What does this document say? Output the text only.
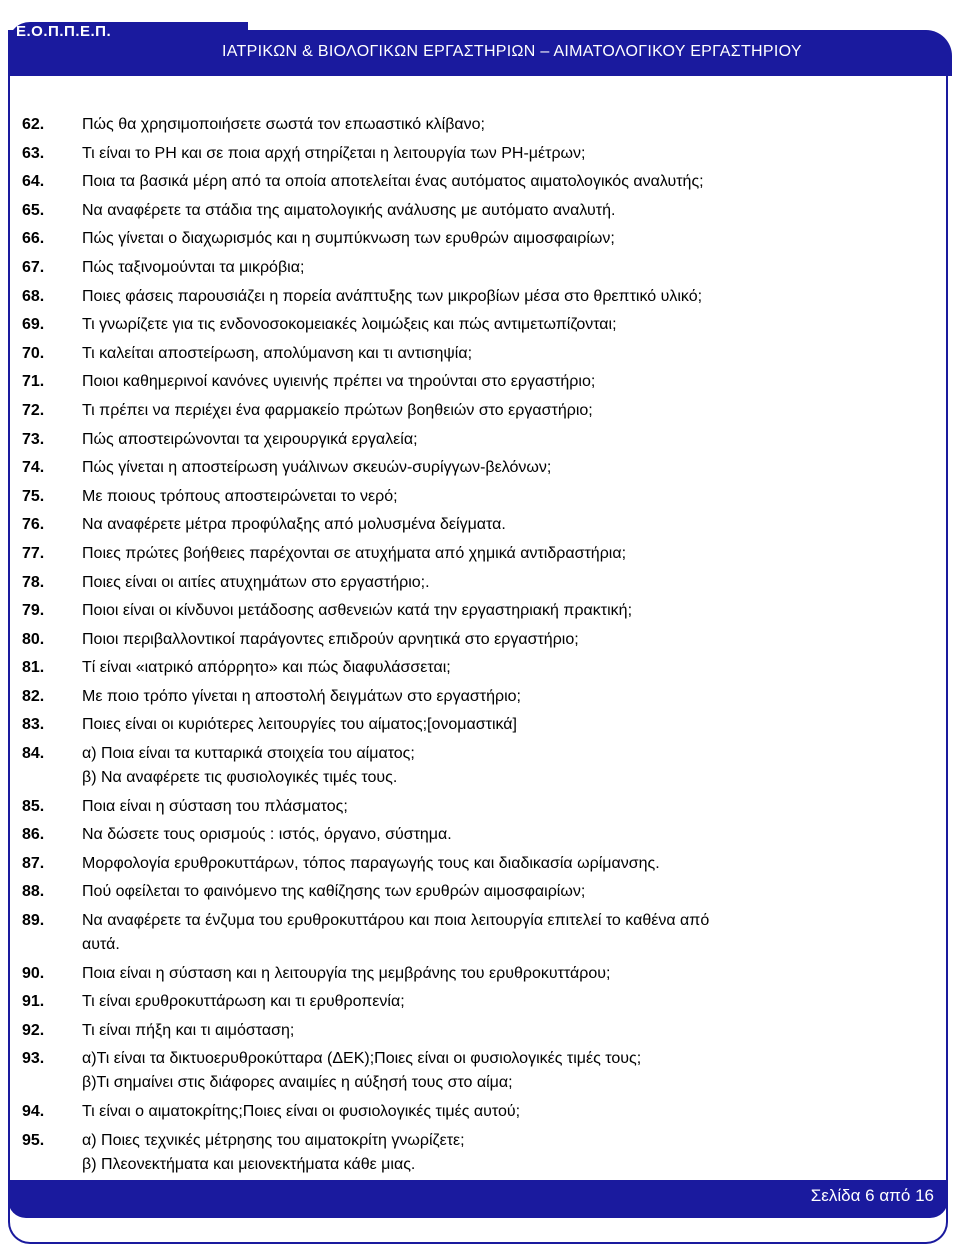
Ε.Ο.Π.Π.Ε.Π.
ΙΑΤΡΙΚΩΝ & ΒΙΟΛΟΓΙΚΩΝ ΕΡΓΑΣΤΗΡΙΩΝ – ΑΙΜΑΤΟΛΟΓΙΚΟΥ ΕΡΓΑΣΤΗΡΙΟΥ
62.	Πώς θα χρησιμοποιήσετε σωστά τον επωαστικό κλίβανο;
63.	Τι είναι το PH και σε ποια αρχή στηρίζεται η λειτουργία των PH-μέτρων;
64.	Ποια τα βασικά μέρη από τα οποία αποτελείται ένας αυτόματος αιματολογικός αναλυτής;
65.	Να αναφέρετε τα στάδια της αιματολογικής ανάλυσης με αυτόματο αναλυτή.
66.	Πώς γίνεται ο διαχωρισμός και η συμπύκνωση των ερυθρών αιμοσφαιρίων;
67.	Πώς ταξινομούνται τα μικρόβια;
68.	Ποιες φάσεις παρουσιάζει η πορεία ανάπτυξης των μικροβίων μέσα στο θρεπτικό υλικό;
69.	Τι γνωρίζετε για τις ενδονοσοκομειακές λοιμώξεις και πώς αντιμετωπίζονται;
70.	Τι καλείται αποστείρωση, απολύμανση και τι αντισηψία;
71.	Ποιοι καθημερινοί κανόνες υγιεινής πρέπει να τηρούνται στο εργαστήριο;
72.	Τι πρέπει να περιέχει ένα φαρμακείο πρώτων βοηθειών στο εργαστήριο;
73.	Πώς αποστειρώνονται τα χειρουργικά εργαλεία;
74.	Πώς γίνεται η αποστείρωση γυάλινων σκευών-συρίγγων-βελόνων;
75.	Με ποιους τρόπους αποστειρώνεται το νερό;
76.	Να αναφέρετε μέτρα προφύλαξης από μολυσμένα δείγματα.
77.	Ποιες πρώτες βοήθειες παρέχονται σε ατυχήματα από χημικά αντιδραστήρια;
78.	Ποιες είναι οι αιτίες ατυχημάτων στο εργαστήριο;.
79.	Ποιοι είναι οι κίνδυνοι μετάδοσης ασθενειών κατά την εργαστηριακή πρακτική;
80.	Ποιοι περιβαλλοντικοί παράγοντες επιδρούν αρνητικά στο εργαστήριο;
81.	Τί είναι «ιατρικό απόρρητο» και πώς διαφυλάσσεται;
82.	Με ποιο τρόπο γίνεται η αποστολή δειγμάτων στο εργαστήριο;
83.	Ποιες είναι οι κυριότερες λειτουργίες του αίματος;[ονομαστικά]
84.	α) Ποια είναι τα κυτταρικά στοιχεία του αίματος;
β) Να αναφέρετε τις φυσιολογικές τιμές τους.
85.	Ποια είναι η σύσταση του πλάσματος;
86.	Να δώσετε τους ορισμούς : ιστός, όργανο, σύστημα.
87.	Μορφολογία ερυθροκυττάρων, τόπος παραγωγής τους και διαδικασία ωρίμανσης.
88.	Πού οφείλεται το φαινόμενο της καθίζησης των ερυθρών αιμοσφαιρίων;
89.	Να αναφέρετε τα ένζυμα του ερυθροκυττάρου και ποια λειτουργία επιτελεί το καθένα από
αυτά.
90.	Ποια είναι η σύσταση και η λειτουργία της μεμβράνης του ερυθροκυττάρου;
91.	Τι είναι ερυθροκυττάρωση και τι ερυθροπενία;
92.	Τι είναι πήξη και τι αιμόσταση;
93.	α)Τι είναι τα δικτυοερυθροκύτταρα (ΔΕΚ);Ποιες είναι οι φυσιολογικές τιμές τους;
β)Τι σημαίνει στις διάφορες αναιμίες η αύξησή τους στο αίμα;
94.	Τι είναι ο αιματοκρίτης;Ποιες είναι οι φυσιολογικές τιμές αυτού;
95.	α) Ποιες τεχνικές μέτρησης του αιματοκρίτη γνωρίζετε;
β) Πλεονεκτήματα και μειονεκτήματα κάθε μιας.
Σελίδα 6 από 16
